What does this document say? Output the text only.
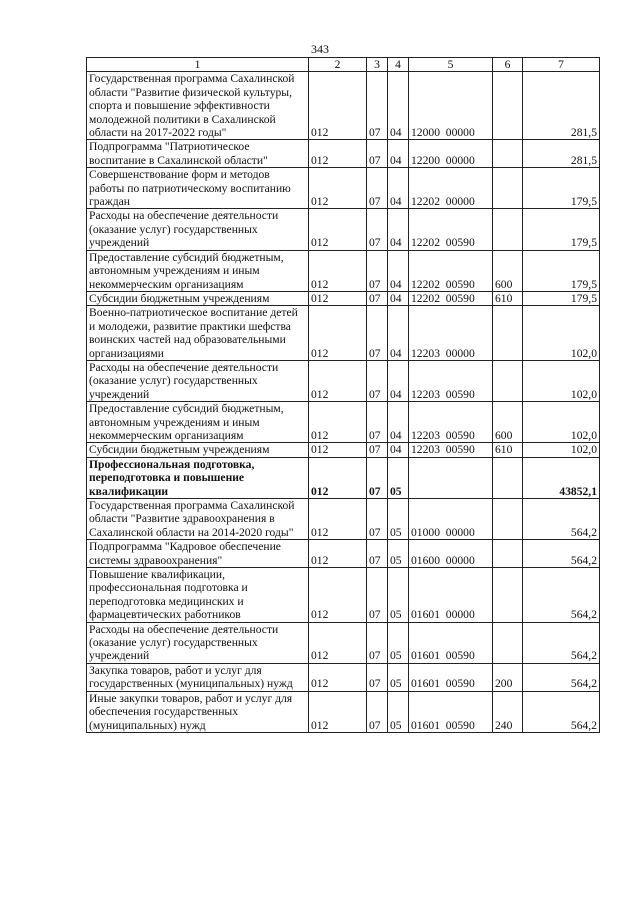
343
1	2	3	4	5	6	7
Государственная программа Сахалинской области "Развитие физической культуры, спорта и повышение эффективности молодежной политики в Сахалинской области на 2017-2022 годы"	012	07	04	12000  00000		281,5
Подпрограмма "Патриотическое воспитание в Сахалинской области"	012	07	04	12200  00000		281,5
Совершенствование форм и методов работы по патриотическому воспитанию граждан	012	07	04	12202  00000		179,5
Расходы на обеспечение деятельности (оказание услуг) государственных учреждений	012	07	04	12202  00590		179,5
Предоставление субсидий бюджетным, автономным учреждениям и иным некоммерческим организациям	012	07	04	12202  00590	600	179,5
Субсидии бюджетным учреждениям	012	07	04	12202  00590	610	179,5
Военно-патриотическое воспитание детей и молодежи, развитие практики шефства воинских частей над образовательными организациями	012	07	04	12203  00000		102,0
Расходы на обеспечение деятельности (оказание услуг) государственных учреждений	012	07	04	12203  00590		102,0
Предоставление субсидий бюджетным, автономным учреждениям и иным некоммерческим организациям	012	07	04	12203  00590	600	102,0
Субсидии бюджетным учреждениям	012	07	04	12203  00590	610	102,0
Профессиональная подготовка, переподготовка и повышение квалификации	012	07	05			43852,1
Государственная программа Сахалинской области "Развитие здравоохранения в Сахалинской области на 2014-2020 годы"	012	07	05	01000  00000		564,2
Подпрограмма "Кадровое обеспечение системы здравоохранения"	012	07	05	01600  00000		564,2
Повышение квалификации, профессиональная подготовка и переподготовка медицинских и фармацевтических работников	012	07	05	01601  00000		564,2
Расходы на обеспечение деятельности (оказание услуг) государственных учреждений	012	07	05	01601  00590		564,2
Закупка товаров, работ и услуг для государственных (муниципальных) нужд	012	07	05	01601  00590	200	564,2
Иные закупки товаров, работ и услуг для обеспечения государственных (муниципальных) нужд	012	07	05	01601  00590	240	564,2
